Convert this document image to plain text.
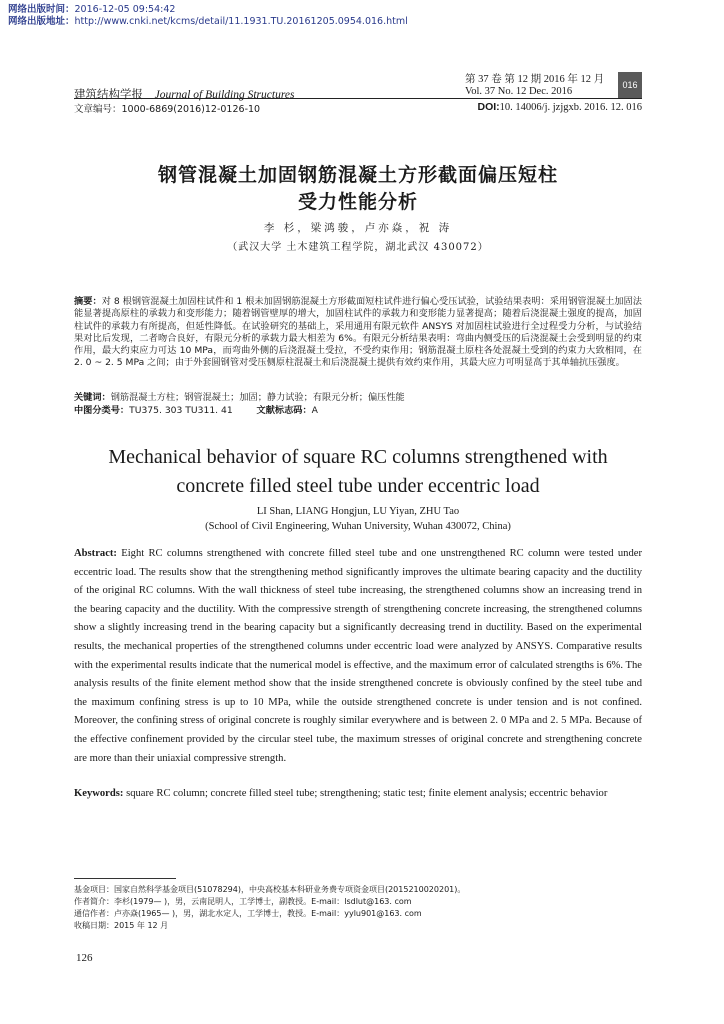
网络出版时间：2016-12-05 09:54:42
网络出版地址：http://www.cnki.net/kcms/detail/11.1931.TU.20161205.0954.016.html
建筑结构学报 Journal of Building Structures
第 37 卷 第 12 期 2016 年 12 月
Vol. 37 No. 12 Dec. 2016
016
文章编号：1000-6869(2016)12-0126-10	DOI:10. 14006/j. jzjgxb. 2016. 12. 016
钢管混凝土加固钢筋混凝土方形截面偏压短柱
受力性能分析
李 杉，梁鸿骏，卢亦焱，祝 涛
（武汉大学 土木建筑工程学院，湖北武汉 430072）
摘要：对 8 根钢管混凝土加固柱试件和 1 根未加固钢筋混凝土方形截面短柱试件进行偏心受压试验，试验结果表明：采用钢管混凝土加固法能显著提高原柱的承载力和变形能力；随着钢管壁厚的增大，加固柱试件的承载力和变形能力显著提高；随着后浇混凝土强度的提高，加固柱试件的承载力有所提高，但延性降低。在试验研究的基础上，采用通用有限元软件 ANSYS 对加固柱试验进行全过程受力分析，与试验结果对比后发现，二者吻合良好，有限元分析的承载力最大相差为 6%。有限元分析结果表明：弯曲内侧受压的后浇混凝土会受到明显的约束作用，最大约束应力可达 10 MPa，而弯曲外侧的后浇混凝土受拉，不受约束作用；钢筋混凝土原柱各处混凝土受到的约束力大致相同，在 2. 0 ~ 2. 5 MPa 之间；由于外套圆钢管对受压侧原柱混凝土和后浇混凝土提供有效约束作用，其最大应力可明显高于其单轴抗压强度。
关键词：钢筋混凝土方柱；钢管混凝土；加固；静力试验；有限元分析；偏压性能
中图分类号：TU375. 303 TU311. 41	文献标志码：A
Mechanical behavior of square RC columns strengthened with
concrete filled steel tube under eccentric load
LI Shan, LIANG Hongjun, LU Yiyan, ZHU Tao
(School of Civil Engineering, Wuhan University, Wuhan 430072, China)
Abstract: Eight RC columns strengthened with concrete filled steel tube and one unstrengthened RC column were tested under eccentric load. The results show that the strengthening method significantly improves the ultimate bearing capacity and the ductility of the original RC columns. With the wall thickness of steel tube increasing, the strengthened columns show an increasing trend in the bearing capacity and the ductility. With the compressive strength of strengthening concrete increasing, the strengthened columns show a slightly increasing trend in the bearing capacity but a significantly decreasing trend in ductility. Based on the experimental results, the mechanical properties of the strengthened columns under eccentric load were analyzed by ANSYS. Comparative results with the experimental results indicate that the numerical model is effective, and the maximum error of calculated strengths is 6%. The analysis results of the finite element method show that the inside strengthened concrete is obviously confined by the steel tube and the maximum confining stress is up to 10 MPa, while the outside strengthened concrete is under tension and is not confined. Moreover, the confining stress of original concrete is roughly similar everywhere and is between 2. 0 MPa and 2. 5 MPa. Because of the effective confinement provided by the circular steel tube, the maximum stresses of original concrete and strengthening concrete are more than their uniaxial compressive strength.
Keywords: square RC column; concrete filled steel tube; strengthening; static test; finite element analysis; eccentric behavior
基金项目：国家自然科学基金项目(51078294)，中央高校基本科研业务费专项资金项目(2015210020201)。
作者简介：李杉(1979— )，男，云南昆明人，工学博士，副教授。E-mail：lsdlut@163. com
通信作者：卢亦焱(1965— )，男，湖北水定人，工学博士，教授。E-mail：yylu901@163. com
收稿日期：2015 年 12 月
126
